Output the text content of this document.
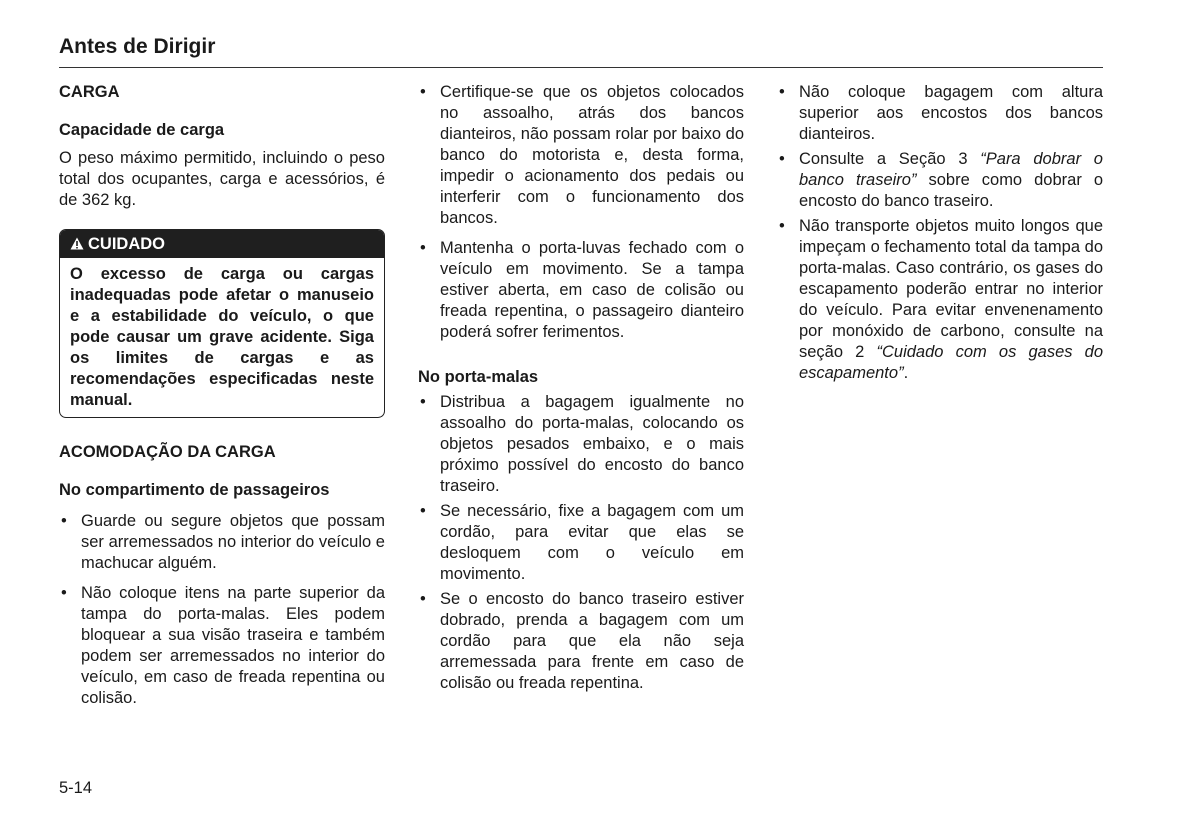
Antes de Dirigir

CARGA

Capacidade de carga

O peso máximo permitido, incluindo o peso total dos ocupantes, carga e acessórios, é de 362 kg.

CUIDADO
O excesso de carga ou cargas inadequadas pode afetar o manuseio e a estabilidade do veículo, o que pode causar um grave acidente. Siga os limites de cargas e as recomendações especificadas neste manual.

ACOMODAÇÃO DA CARGA

No compartimento de passageiros

• Guarde ou segure objetos que possam ser arremessados no interior do veículo e machucar alguém.
• Não coloque itens na parte superior da tampa do porta-malas. Eles podem bloquear a sua visão traseira e também podem ser arremessados no interior do veículo, em caso de freada repentina ou colisão.
• Certifique-se que os objetos colocados no assoalho, atrás dos bancos dianteiros, não possam rolar por baixo do banco do motorista e, desta forma, impedir o acionamento dos pedais ou interferir com o funcionamento dos bancos.
• Mantenha o porta-luvas fechado com o veículo em movimento. Se a tampa estiver aberta, em caso de colisão ou freada repentina, o passageiro dianteiro poderá sofrer ferimentos.

No porta-malas

• Distribua a bagagem igualmente no assoalho do porta-malas, colocando os objetos pesados embaixo, e o mais próximo possível do encosto do banco traseiro.
• Se necessário, fixe a bagagem com um cordão, para evitar que elas se desloquem com o veículo em movimento.
• Se o encosto do banco traseiro estiver dobrado, prenda a bagagem com um cordão para que ela não seja arremessada para frente em caso de colisão ou freada repentina.
• Não coloque bagagem com altura superior aos encostos dos bancos dianteiros.
• Consulte a Seção 3 “Para dobrar o banco traseiro” sobre como dobrar o encosto do banco traseiro.
• Não transporte objetos muito longos que impeçam o fechamento total da tampa do porta-malas. Caso contrário, os gases do escapamento poderão entrar no interior do veículo. Para evitar envenenamento por monóxido de carbono, consulte na seção 2 “Cuidado com os gases do escapamento”.
5-14
